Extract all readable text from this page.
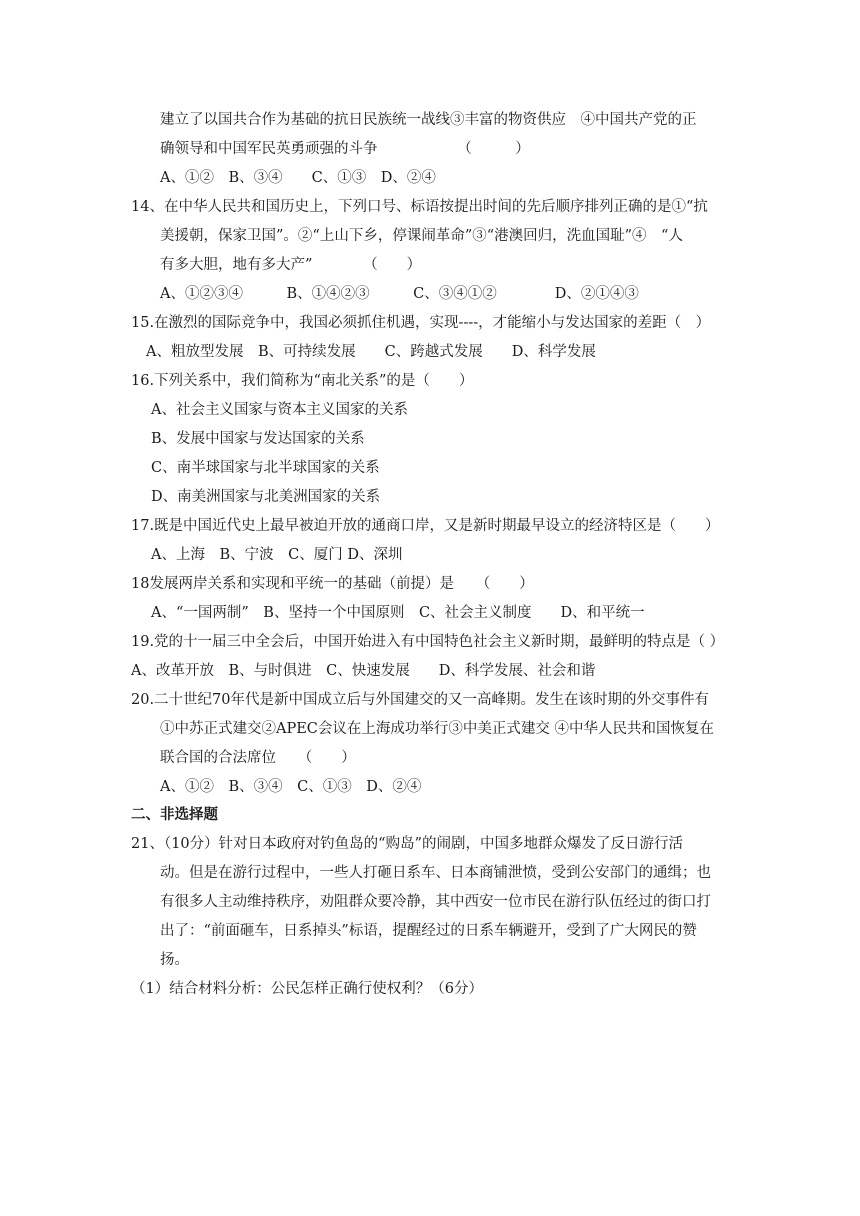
建立了以国共合作为基础的抗日民族统一战线③丰富的物资供应　④中国共产党的正
确领导和中国军民英勇顽强的斗争　　　　　　（　　　）
A、①②　B、③④　　C、①③　D、②④
14、在中华人民共和国历史上，下列口号、标语按提出时间的先后顺序排列正确的是①“抗
美援朝，保家卫国”。②“上山下乡，停课闹革命”③“港澳回归，洗血国耻”④　“人
有多大胆，地有多大产”　　　　（　　）
A、①②③④　　　B、①④②③　　　C、③④①②　　　　D、②①④③
15.在激烈的国际竞争中，我国必须抓住机遇，实现----，才能缩小与发达国家的差距（　）
A、粗放型发展　B、可持续发展　　C、跨越式发展　　D、科学发展
16.下列关系中，我们简称为“南北关系”的是（　　）
A、社会主义国家与资本主义国家的关系
B、发展中国家与发达国家的关系
C、南半球国家与北半球国家的关系
D、南美洲国家与北美洲国家的关系
17.既是中国近代史上最早被迫开放的通商口岸，又是新时期最早设立的经济特区是（　　）
A、上海　B、宁波　C、厦门 D、深圳
18发展两岸关系和实现和平统一的基础（前提）是　　（　　）
A、“一国两制”　B、坚持一个中国原则　C、社会主义制度　　D、和平统一
19.党的十一届三中全会后，中国开始进入有中国特色社会主义新时期，最鲜明的特点是（ ）
A、改革开放　B、与时俱进　C、快速发展　　D、科学发展、社会和谐
20.二十世纪70年代是新中国成立后与外国建交的又一高峰期。发生在该时期的外交事件有
①中苏正式建交②APEC会议在上海成功举行③中美正式建交 ④中华人民共和国恢复在
联合国的合法席位　　（　　）
A、①②　B、③④　C、①③　D、②④
二、非选择题
21、（10分）针对日本政府对钓鱼岛的“购岛”的闹剧，中国多地群众爆发了反日游行活
动。但是在游行过程中，一些人打砸日系车、日本商铺泄愤，受到公安部门的通缉；也
有很多人主动维持秩序，劝阻群众要冷静，其中西安一位市民在游行队伍经过的街口打
出了：“前面砸车，日系掉头”标语，提醒经过的日系车辆避开，受到了广大网民的赞
扬。
（1）结合材料分析：公民怎样正确行使权利？（6分）
